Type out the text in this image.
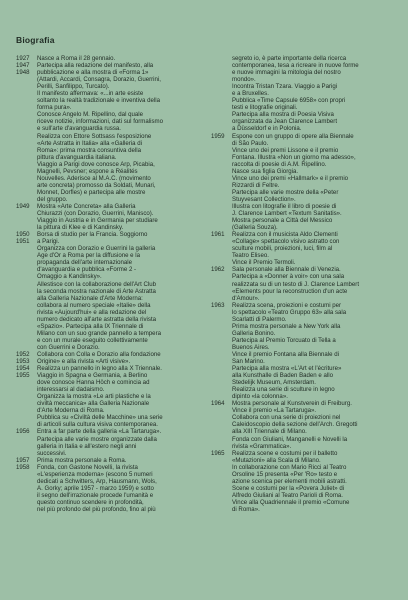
Biografia
1927	Nasce a Roma il 28 gennaio.
1947	Partecipa alla redazione del manifesto, alla
1948	pubblicazione e alla mostra di «Forma 1»
(Attardi, Accardi, Consagra, Dorazio, Guerrini,
Perilli, Sanfilippo, Turcato).
Il manifesto affermava: «...in arte esiste
soltanto la realtà tradizionale e inventiva della
forma pura».
Conosce Angelo M. Ripellino, dal quale
riceve notizie, informazioni, dati sul formalismo
e sull'arte d'avanguardia russa.
Realizza con Ettore Sottsass l'esposizione
«Arte Astratta in Italia» alla «Galleria di
Roma»: prima mostra consuntiva della
pittura d'avanguardia italiana.
Viaggio a Parigi dove conosce Arp, Picabia,
Magnelli, Pevsner; espone a Réalités
Nouvelles. Aderisce al M.A.C. (movimento
arte concreta) promosso da Soldati, Munari,
Monnet, Dorfles) e partecipa alle mostre
del gruppo.
1949	Mostra «Arte Concreta» alla Galleria
Chiurazzi (con Dorazio, Guerrini, Manisco).
Viaggio in Austria e in Germania per studiare
la pittura di Klee e di Kandinsky.
1950	Borsa di studio per la Francia. Soggiorno
1951	a Parigi.
Organizza con Dorazio e Guerrini la galleria
Age d'Or a Roma per la diffusione e la
propaganda dell'arte internazionale
d'avanguardia e pubblica «Forme 2 -
Omaggio a Kandinsky».
Allestisce con la collaborazione dell'Art Club
la seconda mostra nazionale di Arte Astratta
alla Galleria Nazionale d'Arte Moderna:
collabora al numero speciale «Italie» della
rivista «Aujourd'hui» e alla redazione del
numero dedicato all'arte astratta della rivista
«Spazio». Partecipa alla IX Triennale di
Milano con un suo grande pannello a tempera
e con un murale eseguito collettivamente
con Guerrini e Dorazio.
1952	Collabora con Colla e Dorazio alla fondazione
1953	Origine» e alla rivista «Arti visive».
1954	Realizza un pannello in legno alla X Triennale.
1955	Viaggio in Spagna e Germania, a Berlino
dove conosce Hanna Höch e comincia ad
interessarsi al dadaismo.
Organizza la mostra «Le arti plastiche e la
civiltà meccanica» alla Galleria Nazionale
d'Arte Moderna di Roma.
Pubblica su «Civiltà delle Macchine» una serie
di articoli sulla cultura visiva contemporanea.
1956	Entra a far parte della galleria «La Tartaruga».
Partecipa alle varie mostre organizzate dalla
galleria in Italia e all'estero negli anni
successivi.
1957	Prima mostra personale a Roma.
1958	Fonda, con Gastone Novelli, la rivista
«L'esperienza moderna» (escono 5 numeri
dedicati a Schwitters, Arp, Hausmann, Wols,
A. Gorky; aprile 1957 - marzo 1959) e sotto
il segno dell'irrazionale procede l'umanità e
questo continuo scendere in profondità,
nel più profondo del più profondo, fino al più
segreto io, è parte importante della ricerca
contemporanea, tesa a ricreare in nuove forme
e nuove immagini la mitologia del nostro
mondo».
Incontra Tristan Tzara. Viaggio a Parigi
e a Bruxelles.
Pubblica «Time Capsule 6958» con propri
testi e litografie originali.
Partecipa alla mostra di Poesia Visiva
organizzata da Jean Clarence Lambert
a Düsseldorf e in Polonia.
1959	Espone con un gruppo di opere alla Biennale
di São Paulo.
Vince uno dei premi Lissone e il premio
Fontana. Illustra «Non un giorno ma adesso»,
raccolta di poesie di A.M. Ripellino.
Nasce sua figlia Giorgia.
Vince uno dei premi «Hallmark» e il premio
Rizzardi di Feltre.
Partecipa alle varie mostre della «Peter
Stuyvesant Collection».
Illustra con litografie il libro di poesie di
J. Clarence Lambert «Textum Sanitatis».
Mostra personale a Città del Messico
(Galleria Souza).
1961	Realizza con il musicista Aldo Clementi
«Collage» spettacolo visivo astratto con
sculture mobili, proiezioni, luci, film al
Teatro Eliseo.
Vince il Premio Termoli.
1962	Sala personale alla Biennale di Venezia.
Partecipa a «Donner à voir» con una sala
realizzata su di un testo di J. Clarence Lambert
«Elements pour la reconstruction d'un acte
d'Amour».
1963	Realizza scena, proiezioni e costumi per
lo spettacolo «Teatro Gruppo 63» alla sala
Scarlatti di Palermo.
Prima mostra personale a New York alla
Galleria Bonino.
Partecipa al Premio Torcuato di Tella a
Buenos Aires.
Vince il premio Fontana alla Biennale di
San Marino.
Partecipa alla mostra «L'Art et l'écriture»
alla Kunsthalle di Baden Baden e allo
Stedelijk Museum, Amsterdam.
Realizza una serie di sculture in legno
dipinto «la colonna».
1964	Mostra personale al Kunstverein di Freiburg.
Vince il premio «La Tartaruga».
Collabora con una serie di proiezioni nel
Caleidoscopio della sezione dell'Arch. Gregotti
alla XIII Triennale di Milano.
Fonda con Giuliani, Manganelli e Novelli la
rivista «Grammatica».
1965	Realizza scene e costumi per il balletto
«Mutazioni» alla Scala di Milano.
In collaborazione con Mario Ricci al Teatro
Orsoline 15 presenta «Per 'Ro» testo e
azione scenica per elementi mobili astratti.
Scene e costumi per la «Povera Juliet» di
Alfredo Giuliani al Teatro Parioli di Roma.
Vince alla Quadriennale il premio «Comune
di Roma».
